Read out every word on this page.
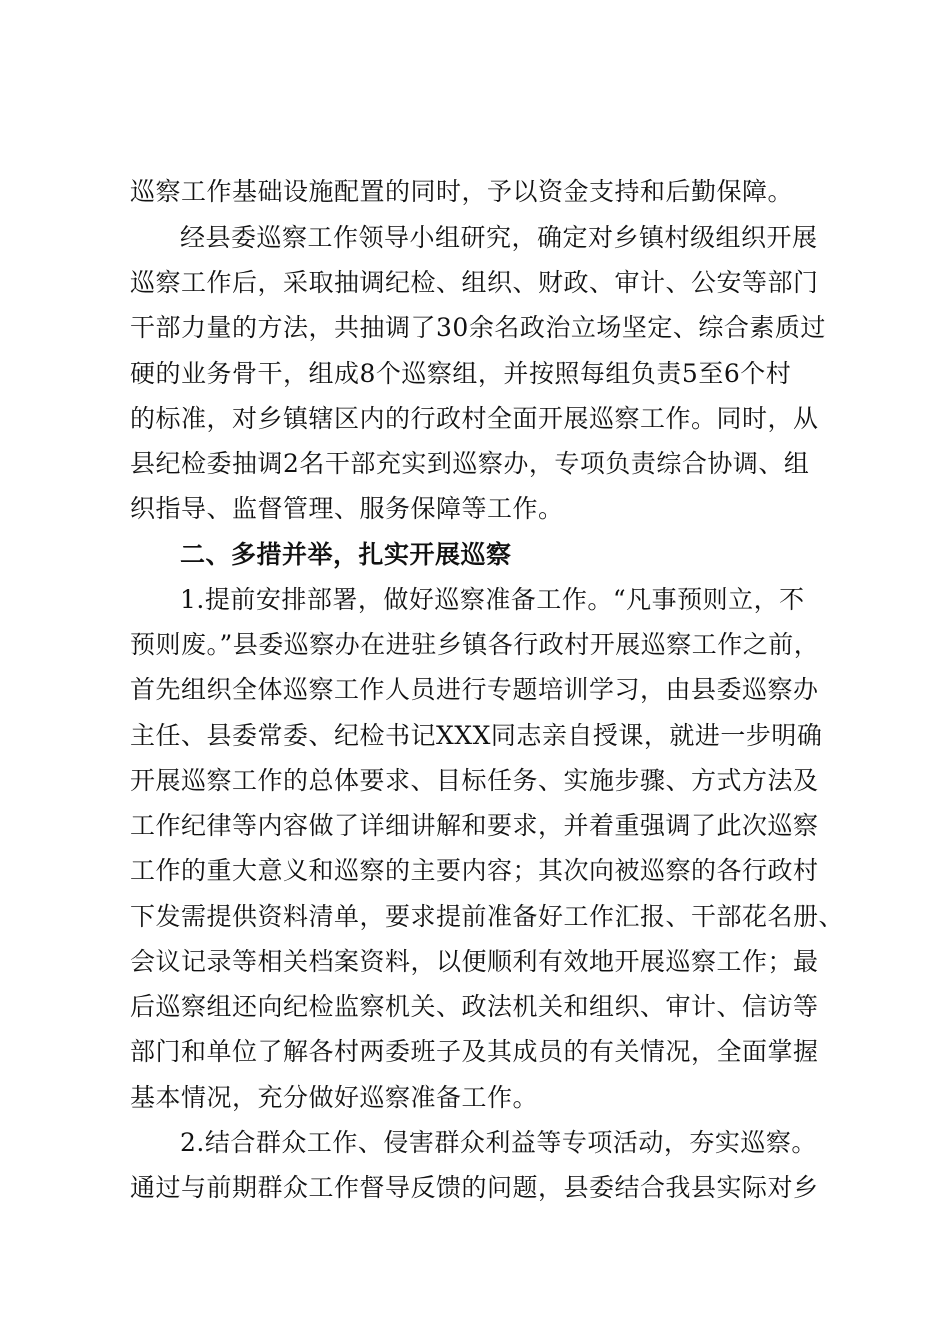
巡察工作基础设施配置的同时，予以资金支持和后勤保障。
经县委巡察工作领导小组研究，确定对乡镇村级组织开展
巡察工作后，采取抽调纪检、组织、财政、审计、公安等部门
干部力量的方法，共抽调了30余名政治立场坚定、综合素质过
硬的业务骨干，组成8个巡察组，并按照每组负责5至6个村
的标准，对乡镇辖区内的行政村全面开展巡察工作。同时，从
县纪检委抽调2名干部充实到巡察办，专项负责综合协调、组
织指导、监督管理、服务保障等工作。
二、多措并举，扎实开展巡察
1.提前安排部署，做好巡察准备工作。“凡事预则立，不
预则废。”县委巡察办在进驻乡镇各行政村开展巡察工作之前，
首先组织全体巡察工作人员进行专题培训学习，由县委巡察办
主任、县委常委、纪检书记XXX同志亲自授课，就进一步明确
开展巡察工作的总体要求、目标任务、实施步骤、方式方法及
工作纪律等内容做了详细讲解和要求，并着重强调了此次巡察
工作的重大意义和巡察的主要内容；其次向被巡察的各行政村
下发需提供资料清单，要求提前准备好工作汇报、干部花名册、
会议记录等相关档案资料，以便顺利有效地开展巡察工作；最
后巡察组还向纪检监察机关、政法机关和组织、审计、信访等
部门和单位了解各村两委班子及其成员的有关情况，全面掌握
基本情况，充分做好巡察准备工作。
2.结合群众工作、侵害群众利益等专项活动，夯实巡察。
通过与前期群众工作督导反馈的问题，县委结合我县实际对乡
